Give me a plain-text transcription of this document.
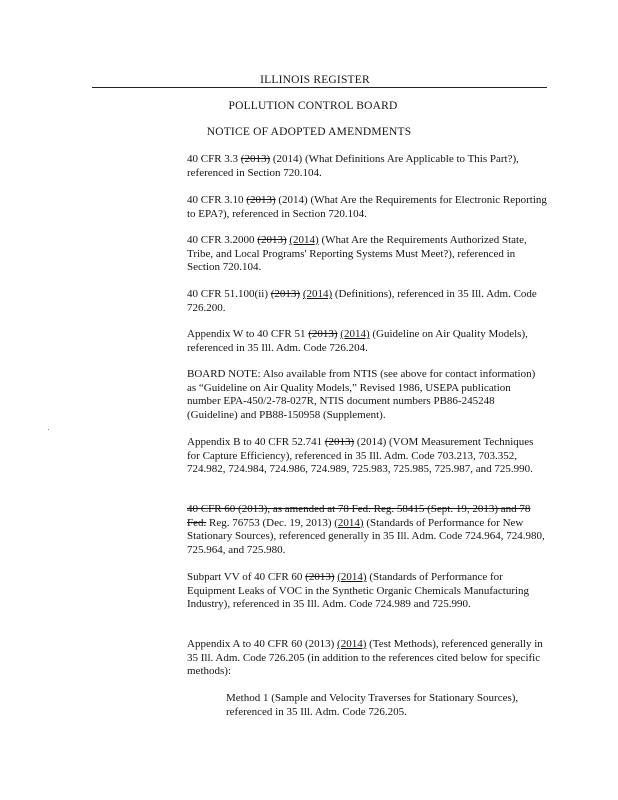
ILLINOIS REGISTER
POLLUTION CONTROL BOARD
NOTICE OF ADOPTED AMENDMENTS
40 CFR 3.3 (2013) (2014) (What Definitions Are Applicable to This Part?), referenced in Section 720.104.
40 CFR 3.10 (2013) (2014) (What Are the Requirements for Electronic Reporting to EPA?), referenced in Section 720.104.
40 CFR 3.2000 (2013) (2014) (What Are the Requirements Authorized State, Tribe, and Local Programs' Reporting Systems Must Meet?), referenced in Section 720.104.
40 CFR 51.100(ii) (2013) (2014) (Definitions), referenced in 35 Ill. Adm. Code 726.200.
Appendix W to 40 CFR 51 (2013) (2014) (Guideline on Air Quality Models), referenced in 35 Ill. Adm. Code 726.204.
BOARD NOTE: Also available from NTIS (see above for contact information) as “Guideline on Air Quality Models,” Revised 1986, USEPA publication number EPA-450/2-78-027R, NTIS document numbers PB86-245248 (Guideline) and PB88-150958 (Supplement).
Appendix B to 40 CFR 52.741 (2013) (2014) (VOM Measurement Techniques for Capture Efficiency), referenced in 35 Ill. Adm. Code 703.213, 703.352, 724.982, 724.984, 724.986, 724.989, 725.983, 725.985, 725.987, and 725.990.
40 CFR 60 (2013), as amended at 78 Fed. Reg. 58415 (Sept. 19, 2013) and 78 Fed. Reg. 76753 (Dec. 19, 2013) (2014) (Standards of Performance for New Stationary Sources), referenced generally in 35 Ill. Adm. Code 724.964, 724.980, 725.964, and 725.980.
Subpart VV of 40 CFR 60 (2013) (2014) (Standards of Performance for Equipment Leaks of VOC in the Synthetic Organic Chemicals Manufacturing Industry), referenced in 35 Ill. Adm. Code 724.989 and 725.990.
Appendix A to 40 CFR 60 (2013) (2014) (Test Methods), referenced generally in 35 Ill. Adm. Code 726.205 (in addition to the references cited below for specific methods):
Method 1 (Sample and Velocity Traverses for Stationary Sources), referenced in 35 Ill. Adm. Code 726.205.
